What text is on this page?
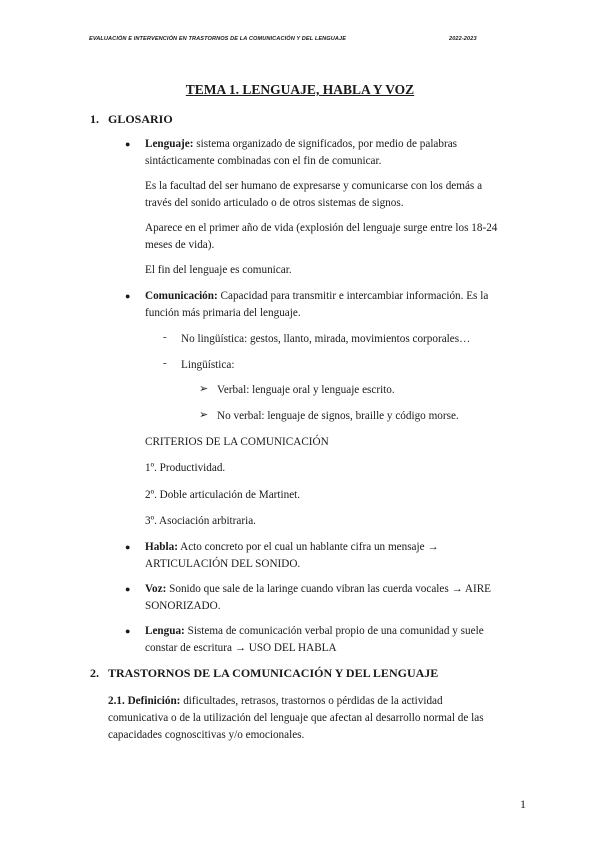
EVALUACIÓN E INTERVENCIÓN EN TRASTORNOS DE LA COMUNICACIÓN Y DEL LENGUAJE	2022-2023
TEMA 1. LENGUAJE, HABLA Y VOZ
1. GLOSARIO
● Lenguaje: sistema organizado de significados, por medio de palabras
sintácticamente combinadas con el fin de comunicar.
Es la facultad del ser humano de expresarse y comunicarse con los demás a
través del sonido articulado o de otros sistemas de signos.
Aparece en el primer año de vida (explosión del lenguaje surge entre los 18-24
meses de vida).
El fin del lenguaje es comunicar.
● Comunicación: Capacidad para transmitir e intercambiar información. Es la
función más primaria del lenguaje.
- No lingüística: gestos, llanto, mirada, movimientos corporales…
- Lingüística:
➢ Verbal: lenguaje oral y lenguaje escrito.
➢ No verbal: lenguaje de signos, braille y código morse.
CRITERIOS DE LA COMUNICACIÓN
1º. Productividad.
2º. Doble articulación de Martinet.
3º. Asociación arbitraria.
● Habla: Acto concreto por el cual un hablante cifra un mensaje →
ARTICULACIÓN DEL SONIDO.
● Voz: Sonido que sale de la laringe cuando vibran las cuerda vocales → AIRE
SONORIZADO.
● Lengua: Sistema de comunicación verbal propio de una comunidad y suele
constar de escritura → USO DEL HABLA
2. TRASTORNOS DE LA COMUNICACIÓN Y DEL LENGUAJE
2.1. Definición: dificultades, retrasos, trastornos o pérdidas de la actividad
comunicativa o de la utilización del lenguaje que afectan al desarrollo normal de las
capacidades cognoscitivas y/o emocionales.
1
